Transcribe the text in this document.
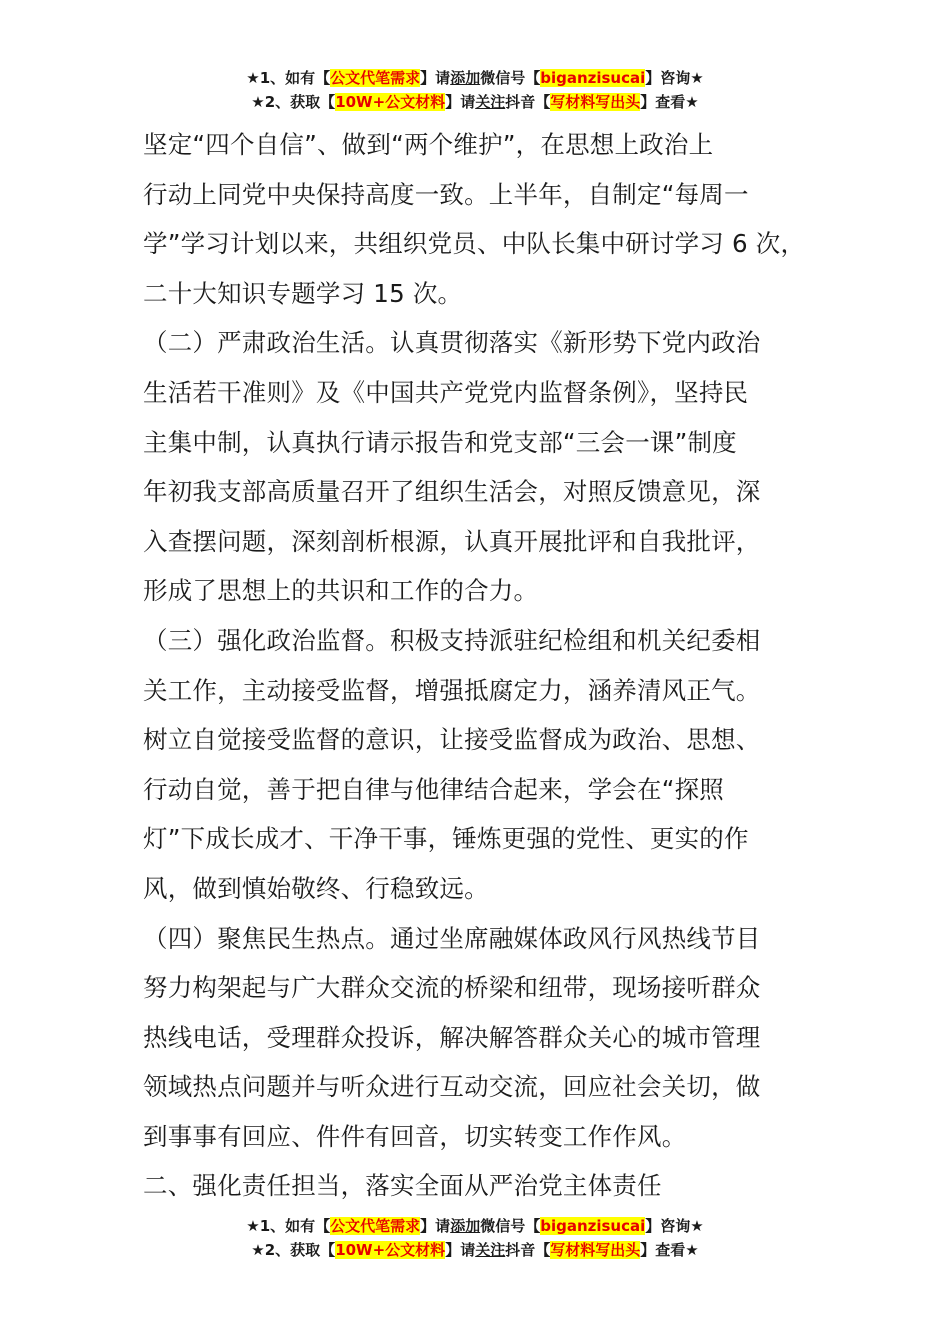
★1、如有【公文代笔需求】请添加微信号【biganzisucai】咨询★
★2、获取【10W+公文材料】请关注抖音【写材料写出头】查看★

坚定“四个自信”、做到“两个维护”，在思想上政治上
行动上同党中央保持高度一致。上半年，自制定“每周一
学”学习计划以来，共组织党员、中队长集中研讨学习 6 次，
二十大知识专题学习 15 次。

（二）严肃政治生活。认真贯彻落实《新形势下党内政治
生活若干准则》及《中国共产党党内监督条例》，坚持民
主集中制，认真执行请示报告和党支部“三会一课”制度
年初我支部高质量召开了组织生活会，对照反馈意见，深
入查摆问题，深刻剖析根源，认真开展批评和自我批评，
形成了思想上的共识和工作的合力。

（三）强化政治监督。积极支持派驻纪检组和机关纪委相
关工作，主动接受监督，增强抵腐定力，涵养清风正气。
树立自觉接受监督的意识，让接受监督成为政治、思想、
行动自觉，善于把自律与他律结合起来，学会在“探照
灯”下成长成才、干净干事，锤炼更强的党性、更实的作
风，做到慎始敬终、行稳致远。

（四）聚焦民生热点。通过坐席融媒体政风行风热线节目
努力构架起与广大群众交流的桥梁和纽带，现场接听群众
热线电话，受理群众投诉，解决解答群众关心的城市管理
领域热点问题并与听众进行互动交流，回应社会关切，做
到事事有回应、件件有回音，切实转变工作作风。

二、强化责任担当，落实全面从严治党主体责任

★1、如有【公文代笔需求】请添加微信号【biganzisucai】咨询★
★2、获取【10W+公文材料】请关注抖音【写材料写出头】查看★
